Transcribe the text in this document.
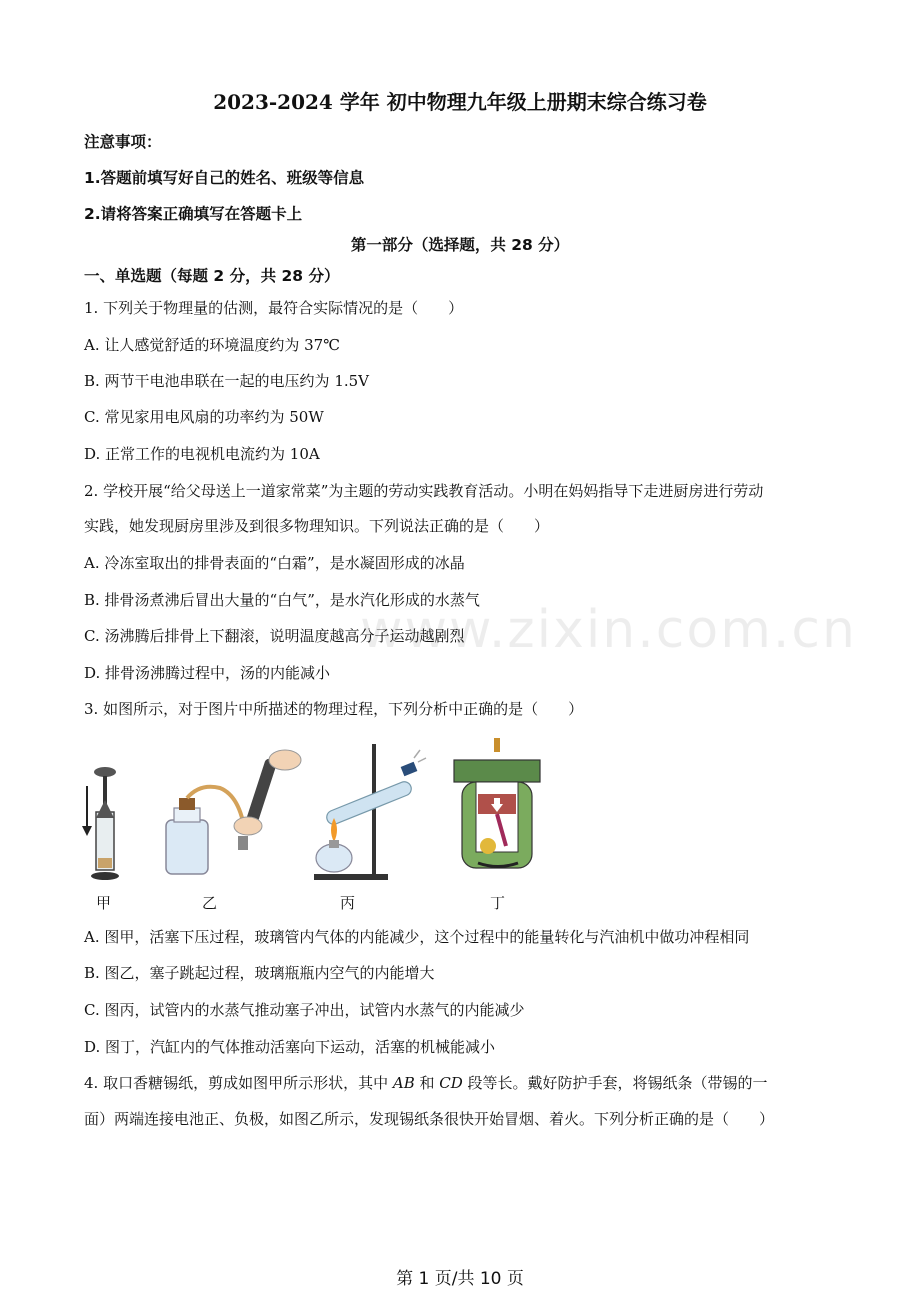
2023-2024 学年 初中物理九年级上册期末综合练习卷
注意事项：
1.答题前填写好自己的姓名、班级等信息
2.请将答案正确填写在答题卡上
第一部分（选择题，共 28 分）
一、单选题（每题 2 分，共 28 分）
1. 下列关于物理量的估测，最符合实际情况的是（　　）
A. 让人感觉舒适的环境温度约为 37℃
B. 两节干电池串联在一起的电压约为 1.5V
C. 常见家用电风扇的功率约为 50W
D. 正常工作的电视机电流约为 10A
2. 学校开展“给父母送上一道家常菜”为主题的劳动实践教育活动。小明在妈妈指导下走进厨房进行劳动
实践，她发现厨房里涉及到很多物理知识。下列说法正确的是（　　）
A. 冷冻室取出的排骨表面的“白霜”，是水凝固形成的冰晶
B. 排骨汤煮沸后冒出大量的“白气”，是水汽化形成的水蒸气
C. 汤沸腾后排骨上下翻滚，说明温度越高分子运动越剧烈
D. 排骨汤沸腾过程中，汤的内能减小
3. 如图所示，对于图片中所描述的物理过程，下列分析中正确的是（　　）
甲	乙	丙	丁
A. 图甲，活塞下压过程，玻璃管内气体的内能减少，这个过程中的能量转化与汽油机中做功冲程相同
B. 图乙，塞子跳起过程，玻璃瓶瓶内空气的内能增大
C. 图丙，试管内的水蒸气推动塞子冲出，试管内水蒸气的内能减少
D. 图丁，汽缸内的气体推动活塞向下运动，活塞的机械能减小
4. 取口香糖锡纸，剪成如图甲所示形状，其中 AB 和 CD 段等长。戴好防护手套，将锡纸条（带锡的一
面）两端连接电池正、负极，如图乙所示，发现锡纸条很快开始冒烟、着火。下列分析正确的是（　　）
www.zixin.com.cn
第 1 页/共 10 页
